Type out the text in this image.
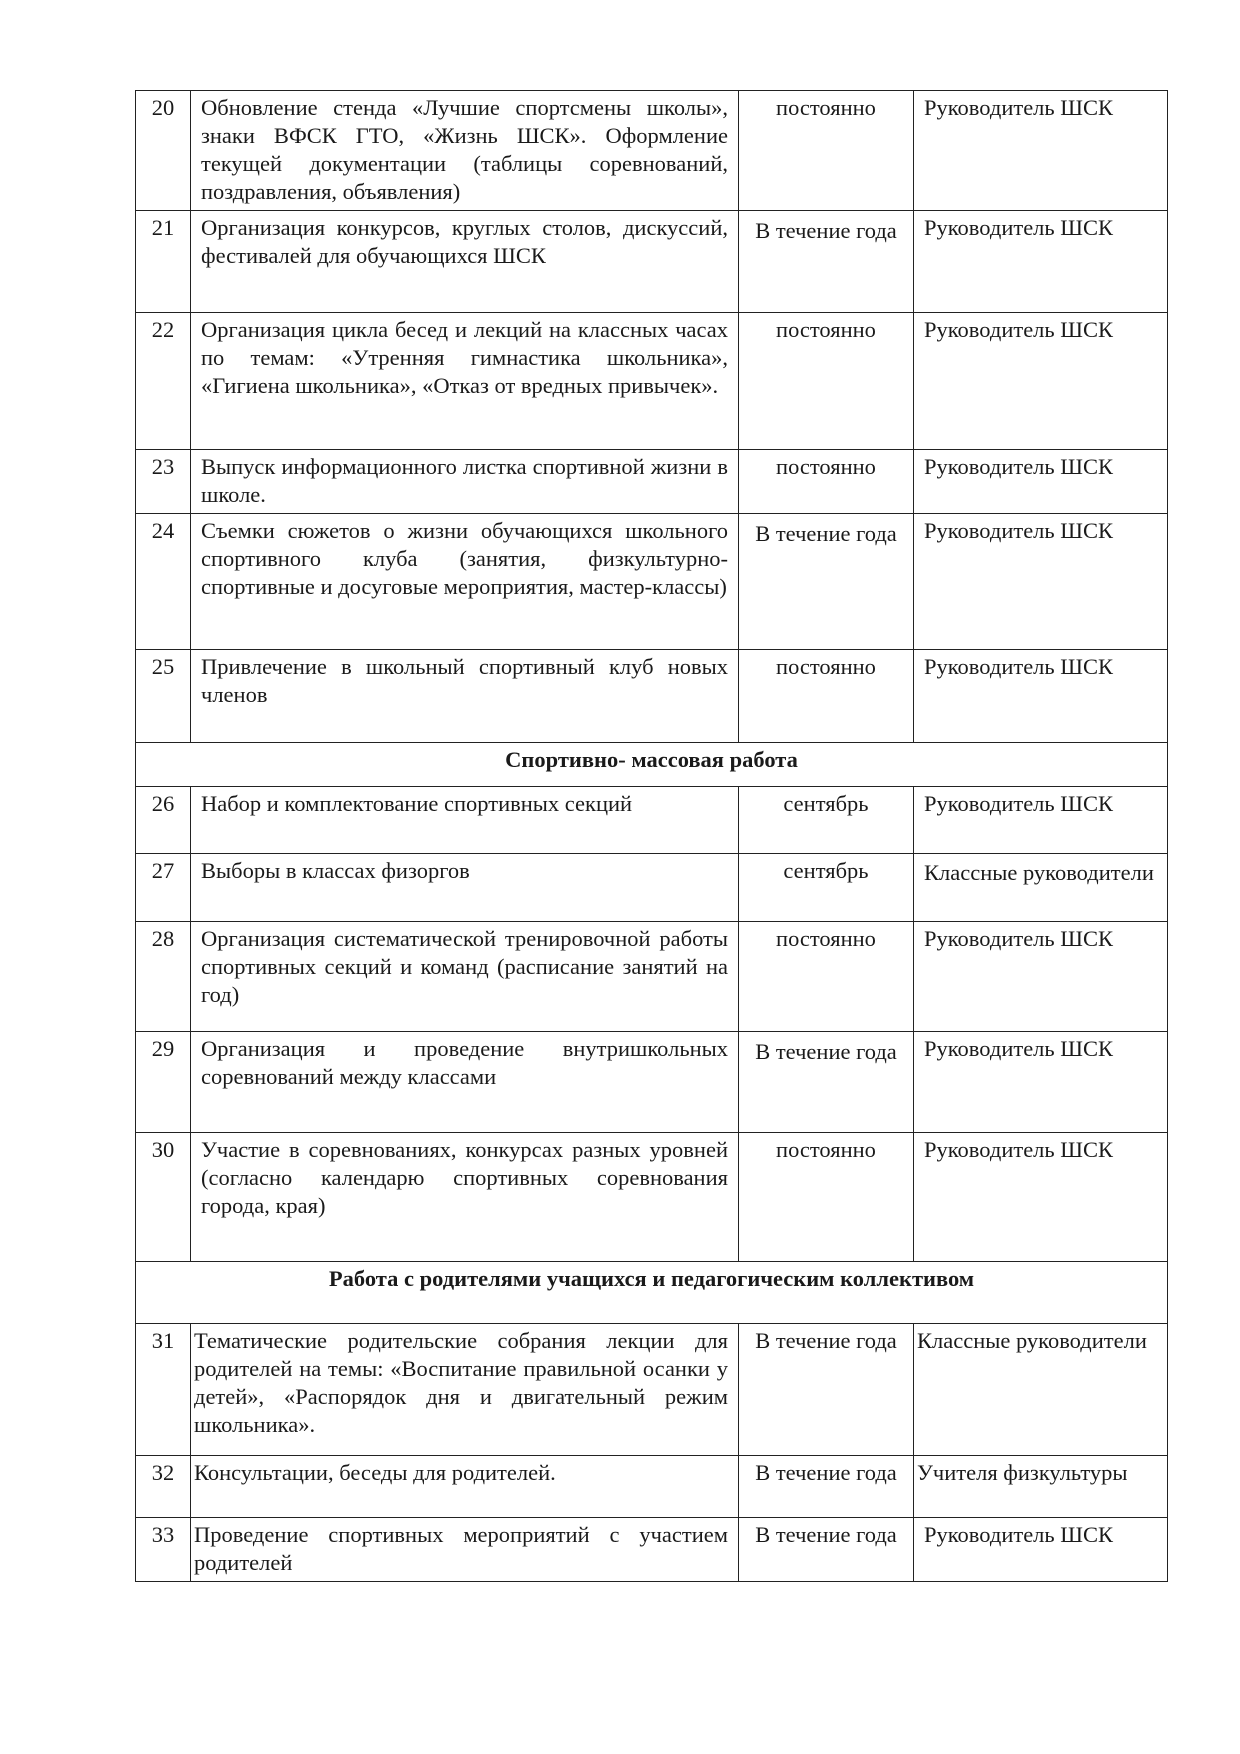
20	Обновление стенда «Лучшие спортсмены школы», знаки ВФСК ГТО, «Жизнь ШСК». Оформление текущей документации (таблицы соревнований, поздравления, объявления)	постоянно	Руководитель ШСК
21	Организация конкурсов, круглых столов, дискуссий, фестивалей для обучающихся ШСК	В течение года	Руководитель ШСК
22	Организация цикла бесед и лекций на классных часах по темам: «Утренняя гимнастика школьника», «Гигиена школьника», «Отказ от вредных привычек».	постоянно	Руководитель ШСК
23	Выпуск информационного листка спортивной жизни в школе.	постоянно	Руководитель ШСК
24	Съемки сюжетов о жизни обучающихся школьного спортивного клуба (занятия, физкультурно-спортивные и досуговые мероприятия, мастер-классы)	В течение года	Руководитель ШСК
25	Привлечение в школьный спортивный клуб новых членов	постоянно	Руководитель ШСК
Спортивно- массовая работа			
26	Набор и комплектование спортивных секций	сентябрь	Руководитель ШСК
27	Выборы в классах физоргов	сентябрь	Классные руководители
28	Организация систематической тренировочной работы спортивных секций и команд (расписание занятий на год)	постоянно	Руководитель ШСК
29	Организация и проведение внутришкольных соревнований между классами	В течение года	Руководитель ШСК
30	Участие в соревнованиях, конкурсах разных уровней (согласно календарю спортивных соревнования города, края)	постоянно	Руководитель ШСК
Работа с родителями учащихся и педагогическим коллективом			
31	Тематические родительские собрания лекции для родителей на темы: «Воспитание правильной осанки у детей», «Распорядок дня и двигательный режим школьника».	В течение года	Классные руководители
32	Консультации, беседы для родителей.	В течение года	Учителя физкультуры
33	Проведение спортивных мероприятий с участием родителей	В течение года	Руководитель ШСК
